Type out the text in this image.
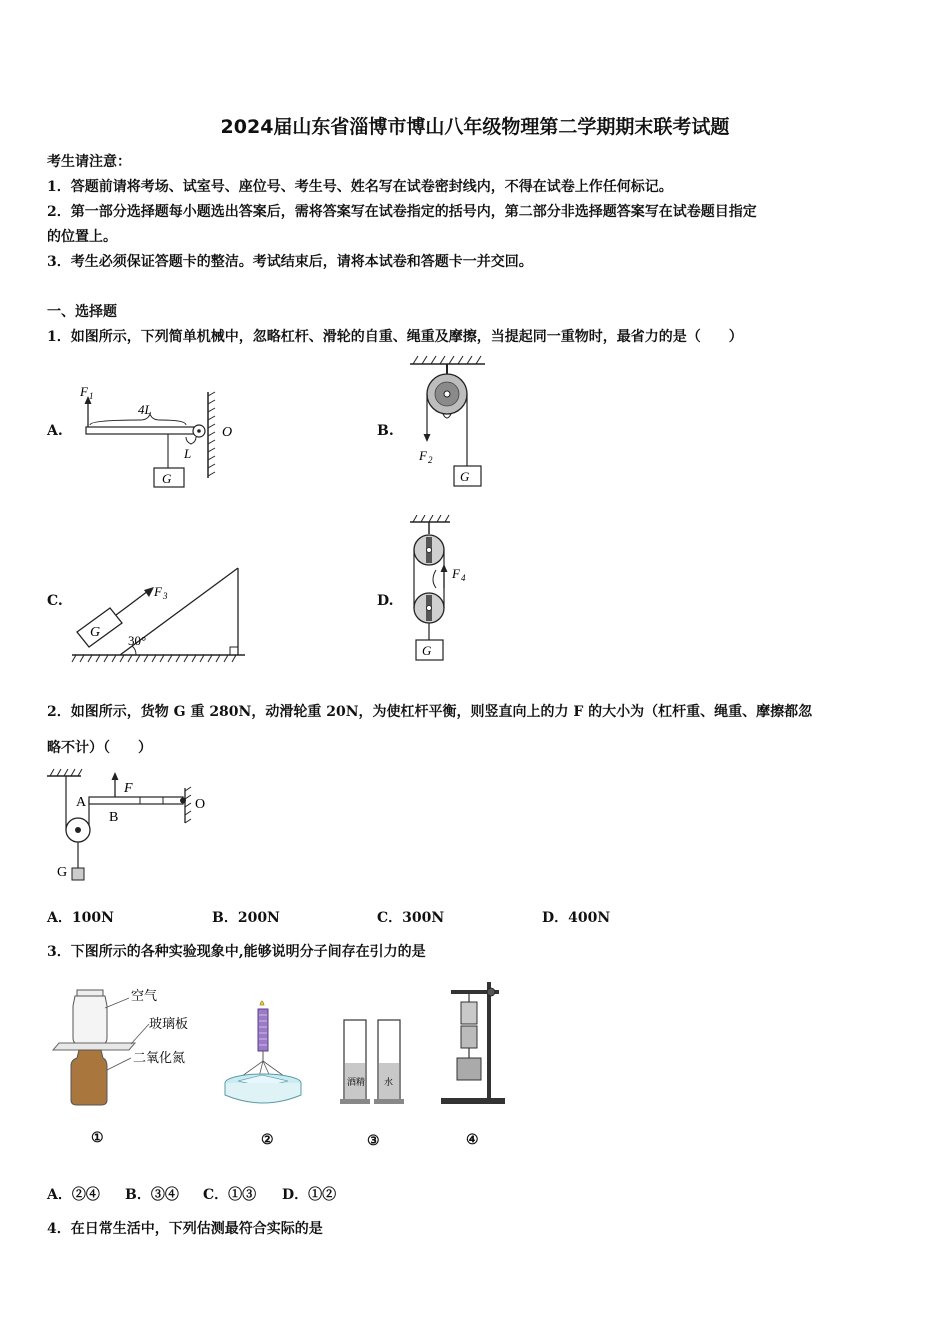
2024届山东省淄博市博山八年级物理第二学期期末联考试题
考生请注意：
1．答题前请将考场、试室号、座位号、考生号、姓名写在试卷密封线内，不得在试卷上作任何标记。
2．第一部分选择题每小题选出答案后，需将答案写在试卷指定的括号内，第二部分非选择题答案写在试卷题目指定
的位置上。
3．考生必须保证答题卡的整洁。考试结束后，请将本试卷和答题卡一并交回。
一、选择题
1．如图所示，下列简单机械中，忽略杠杆、滑轮的自重、绳重及摩擦，当提起同一重物时，最省力的是（　　）
A.	B.
C.	D.
F 1
4L
L
O
G
F 2
G
G
F 3
30°
F 4
G
2．如图所示，货物 G 重 280N，动滑轮重 20N，为使杠杆平衡，则竖直向上的力 F 的大小为（杠杆重、绳重、摩擦都忽
略不计）（　　）
G
A
B
F
O
A．100N	B．200N	C．300N	D．400N
3．下图所示的各种实验现象中,能够说明分子间存在引力的是
空气
玻璃板
二氧化氮
酒精 水
①	②	③	④
A．②④ B．③④ C．①③ D．①②
4．在日常生活中，下列估测最符合实际的是
